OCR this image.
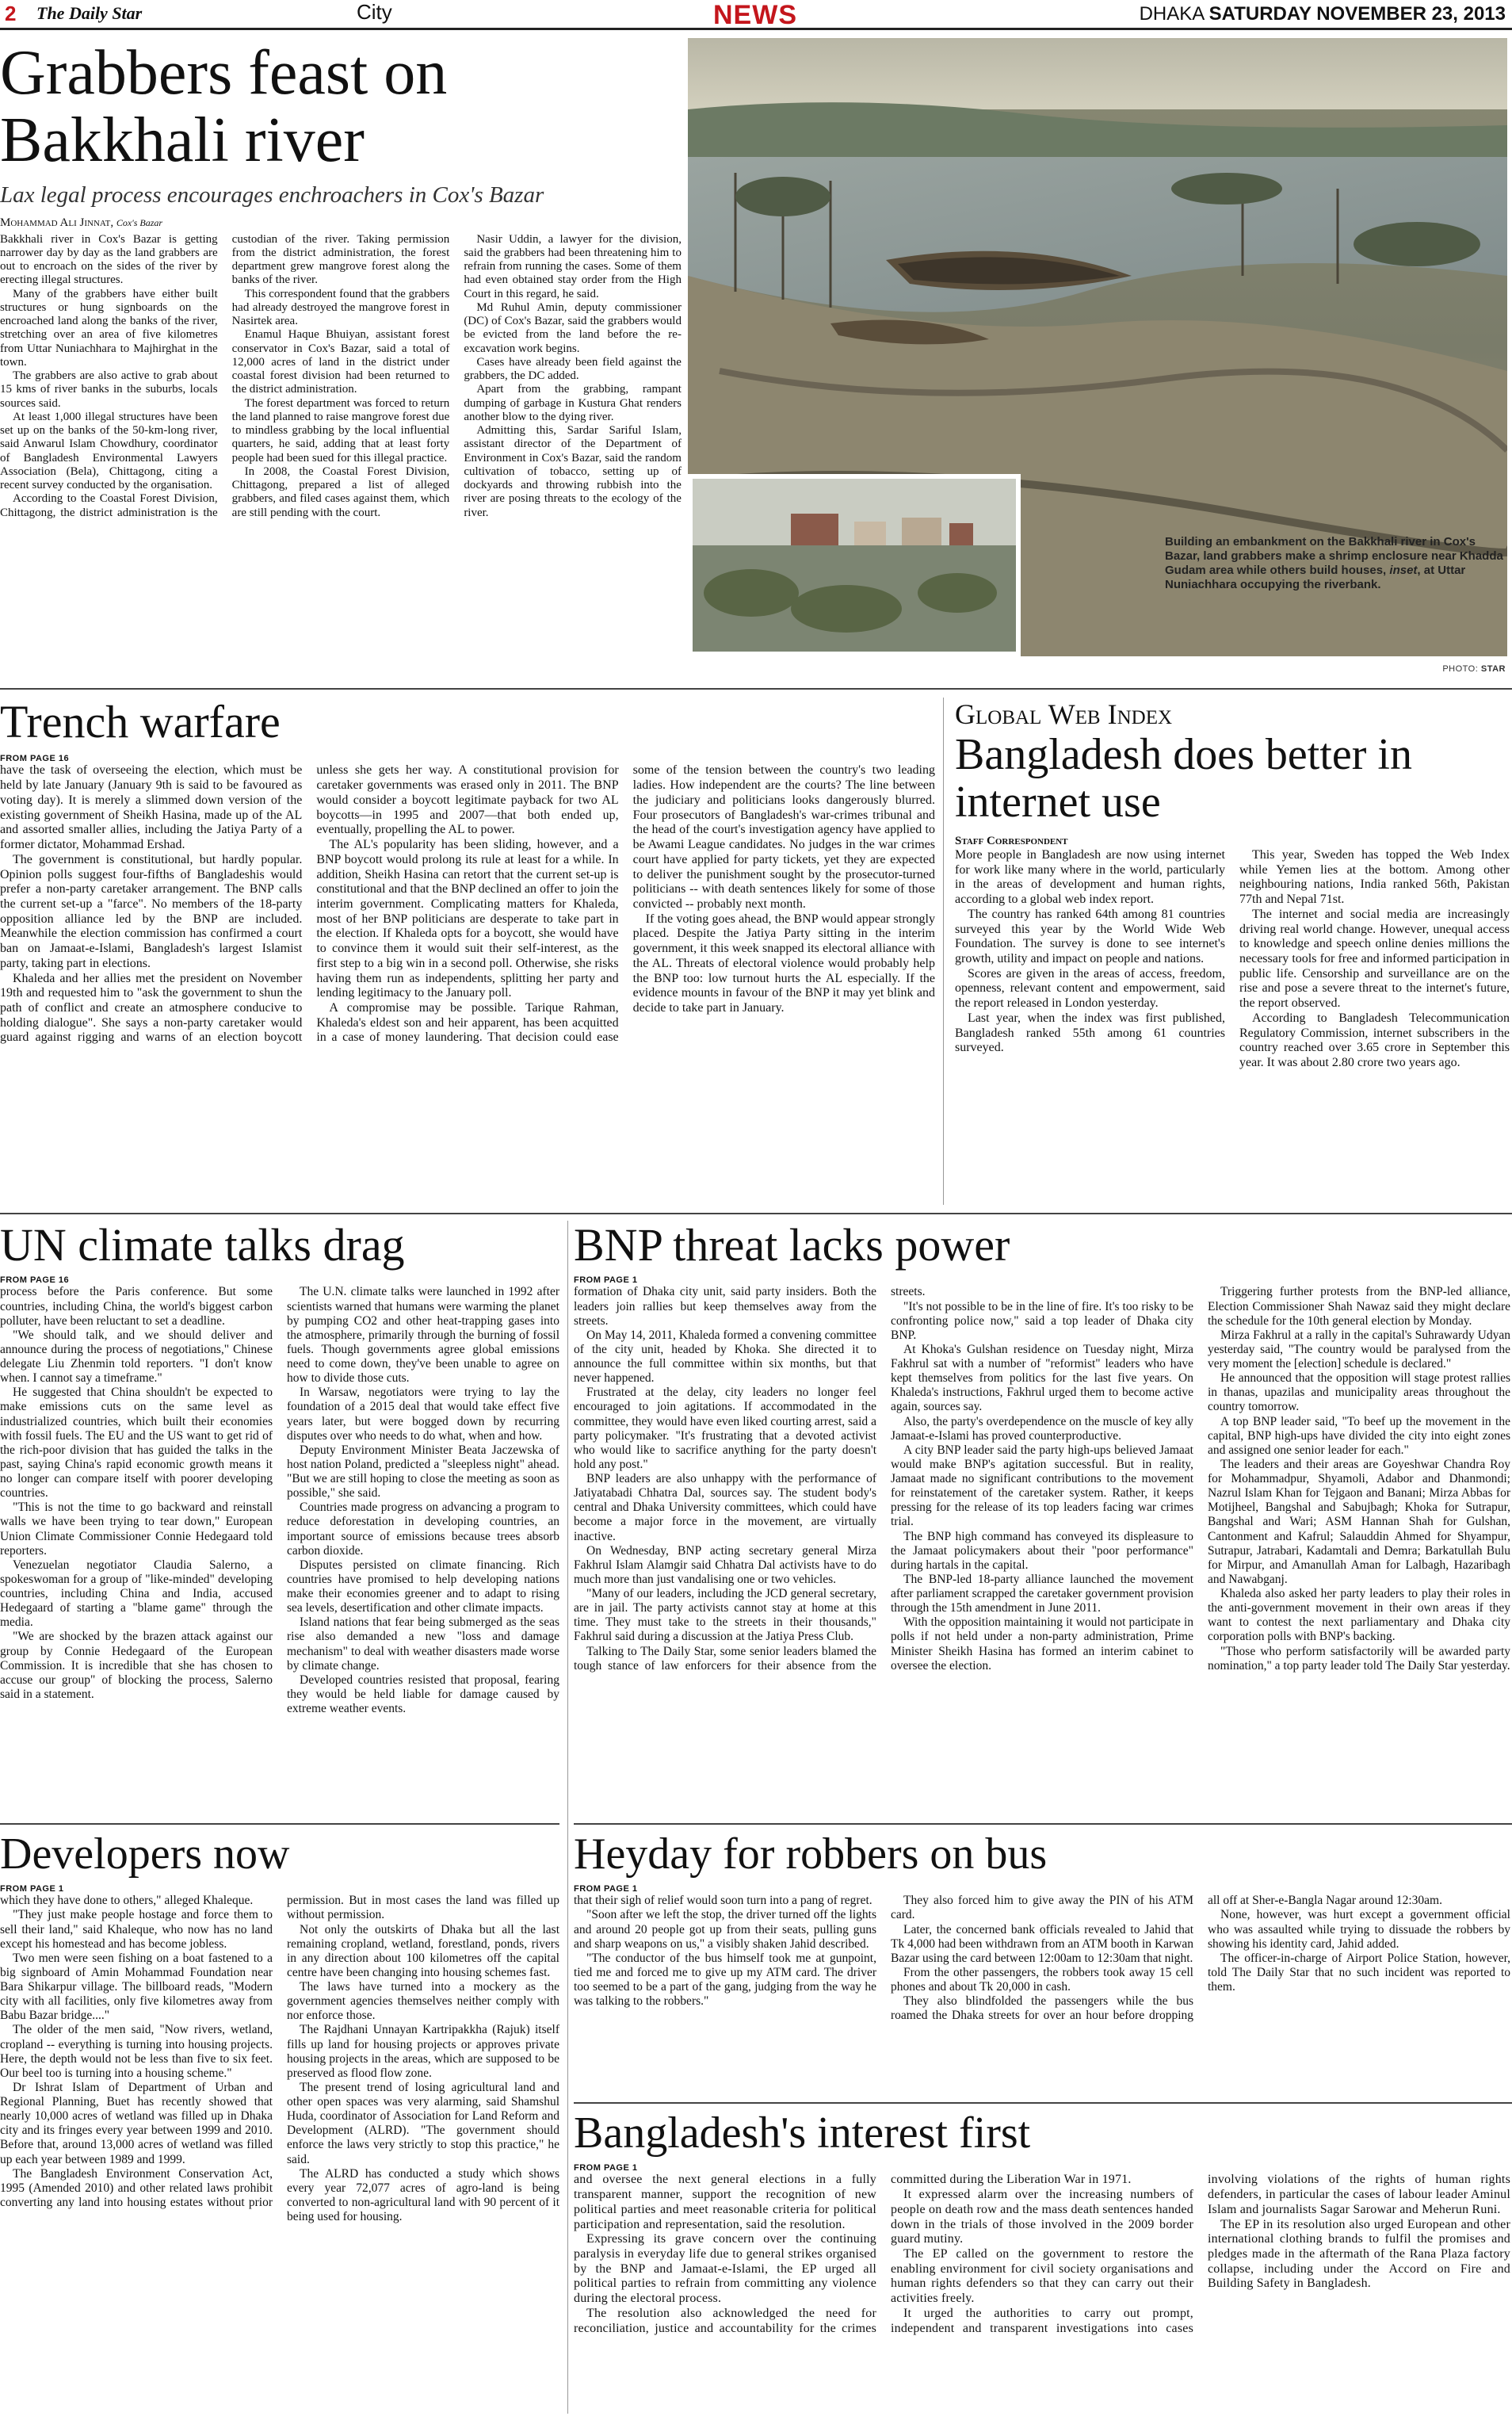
2 The Daily Star	City	NEWS	DHAKA SATURDAY NOVEMBER 23, 2013
Grabbers feast on Bakkhali river
Lax legal process encourages enchroachers in Cox's Bazar
Mohammad Ali Jinnat, Cox's Bazar

Bakkhali river in Cox's Bazar is getting narrower day by day as the land grabbers are out to encroach on the sides of the river by erecting illegal structures.

Many of the grabbers have either built structures or hung signboards on the encroached land along the banks of the river, stretching over an area of five kilometres from Uttar Nuniachhara to Majhirghat in the town.

The grabbers are also active to grab about 15 kms of river banks in the suburbs, locals sources said.

At least 1,000 illegal structures have been set up on the banks of the 50-km-long river, said Anwarul Islam Chowdhury, coordinator of Bangladesh Environmental Lawyers Association (Bela), Chittagong, citing a recent survey conducted by the organisation.

According to the Coastal Forest Division, Chittagong, the district administration is the custodian of the river. Taking permission from the district administration, the forest department grew mangrove forest along the banks of the river.

This correspondent found that the grabbers had already destroyed the mangrove forest in Nasirtek area.

Enamul Haque Bhuiyan, assistant forest conservator in Cox's Bazar, said a total of 12,000 acres of land in the district under coastal forest division had been returned to the district administration.

The forest department was forced to return the land planned to raise mangrove forest due to mindless grabbing by the local influential quarters, he said, adding that at least forty people had been sued for this illegal practice.

In 2008, the Coastal Forest Division, Chittagong, prepared a list of alleged grabbers, and filed cases against them, which are still pending with the court.

Nasir Uddin, a lawyer for the division, said the grabbers had been threatening him to refrain from running the cases. Some of them had even obtained stay order from the High Court in this regard, he said.

Md Ruhul Amin, deputy commissioner (DC) of Cox's Bazar, said the grabbers would be evicted from the land before the re-excavation work begins.

Cases have already been field against the grabbers, the DC added.

Apart from the grabbing, rampant dumping of garbage in Kustura Ghat renders another blow to the dying river.

Admitting this, Sardar Sariful Islam, assistant director of the Department of Environment in Cox's Bazar, said the random cultivation of tobacco, setting up of dockyards and throwing rubbish into the river are posing threats to the ecology of the river.

Building an embankment on the Bakkhali river in Cox's Bazar, land grabbers make a shrimp enclosure near Khadda Gudam area while others build houses, inset, at Uttar Nuniachhara occupying the riverbank.
PHOTO: STAR
Trench warfare
FROM PAGE 16

have the task of overseeing the election, which must be held by late January (January 9th is said to be favoured as voting day). It is merely a slimmed down version of the existing government of Sheikh Hasina, made up of the AL and assorted smaller allies, including the Jatiya Party of a former dictator, Mohammad Ershad.

The government is constitutional, but hardly popular. Opinion polls suggest four-fifths of Bangladeshis would prefer a non-party caretaker arrangement. The BNP calls the current set-up a "farce". No members of the 18-party opposition alliance led by the BNP are included. Meanwhile the election commission has confirmed a court ban on Jamaat-e-Islami, Bangladesh's largest Islamist party, taking part in elections.

Khaleda and her allies met the president on November 19th and requested him to "ask the government to shun the path of conflict and create an atmosphere conducive to holding dialogue". She says a non-party caretaker would guard against rigging and warns of an election boycott unless she gets her way. A constitutional provision for caretaker governments was erased only in 2011. The BNP would consider a boycott legitimate payback for two AL boycotts—in 1995 and 2007—that both ended up, eventually, propelling the AL to power.

The AL's popularity has been sliding, however, and a BNP boycott would prolong its rule at least for a while. In addition, Sheikh Hasina can retort that the current set-up is constitutional and that the BNP declined an offer to join the interim government. Complicating matters for Khaleda, most of her BNP politicians are desperate to take part in the election. If Khaleda opts for a boycott, she would have to convince them it would suit their self-interest, as the first step to a big win in a second poll. Otherwise, she risks having them run as independents, splitting her party and lending legitimacy to the January poll.

A compromise may be possible. Tarique Rahman, Khaleda's eldest son and heir apparent, has been acquitted in a case of money laundering. That decision could ease some of the tension between the country's two leading ladies. How independent are the courts? The line between the judiciary and politicians looks dangerously blurred. Four prosecutors of Bangladesh's war-crimes tribunal and the head of the court's investigation agency have applied to be Awami League candidates. No judges in the war crimes court have applied for party tickets, yet they are expected to deliver the punishment sought by the prosecutor-turned politicians -- with death sentences likely for some of those convicted -- probably next month.

If the voting goes ahead, the BNP would appear strongly placed. Despite the Jatiya Party sitting in the interim government, it this week snapped its electoral alliance with the AL. Threats of electoral violence would probably help the BNP too: low turnout hurts the AL especially. If the evidence mounts in favour of the BNP it may yet blink and decide to take part in January.

Global Web Index
Bangladesh does better in internet use
Staff Correspondent

More people in Bangladesh are now using internet for work like many where in the world, particularly in the areas of development and human rights, according to a global web index report.

The country has ranked 64th among 81 countries surveyed this year by the World Wide Web Foundation. The survey is done to see internet's growth, utility and impact on people and nations.

Scores are given in the areas of access, freedom, openness, relevant content and empowerment, said the report released in London yesterday.

Last year, when the index was first published, Bangladesh ranked 55th among 61 countries surveyed.

This year, Sweden has topped the Web Index while Yemen lies at the bottom. Among other neighbouring nations, India ranked 56th, Pakistan 77th and Nepal 71st.

The internet and social media are increasingly driving real world change. However, unequal access to knowledge and speech online denies millions the necessary tools for free and informed participation in public life. Censorship and surveillance are on the rise and pose a severe threat to the internet's future, the report observed.

According to Bangladesh Telecommunication Regulatory Commission, internet subscribers in the country reached over 3.65 crore in September this year. It was about 2.80 crore two years ago.

UN climate talks drag
FROM PAGE 16

process before the Paris conference. But some countries, including China, the world's biggest carbon polluter, have been reluctant to set a deadline.

"We should talk, and we should deliver and announce during the process of negotiations," Chinese delegate Liu Zhenmin told reporters. "I don't know when. I cannot say a timeframe."

He suggested that China shouldn't be expected to make emissions cuts on the same level as industrialized countries, which built their economies with fossil fuels. The EU and the US want to get rid of the rich-poor division that has guided the talks in the past, saying China's rapid economic growth means it no longer can compare itself with poorer developing countries.

"This is not the time to go backward and reinstall walls we have been trying to tear down," European Union Climate Commissioner Connie Hedegaard told reporters.

Venezuelan negotiator Claudia Salerno, a spokeswoman for a group of "like-minded" developing countries, including China and India, accused Hedegaard of starting a "blame game" through the media.

"We are shocked by the brazen attack against our group by Connie Hedegaard of the European Commission. It is incredible that she has chosen to accuse our group" of blocking the process, Salerno said in a statement.

The U.N. climate talks were launched in 1992 after scientists warned that humans were warming the planet by pumping CO2 and other heat-trapping gases into the atmosphere, primarily through the burning of fossil fuels. Though governments agree global emissions need to come down, they've been unable to agree on how to divide those cuts.

In Warsaw, negotiators were trying to lay the foundation of a 2015 deal that would take effect five years later, but were bogged down by recurring disputes over who needs to do what, when and how.

Deputy Environment Minister Beata Jaczewska of host nation Poland, predicted a "sleepless night" ahead. "But we are still hoping to close the meeting as soon as possible," she said.

Countries made progress on advancing a program to reduce deforestation in developing countries, an important source of emissions because trees absorb carbon dioxide.

Disputes persisted on climate financing. Rich countries have promised to help developing nations make their economies greener and to adapt to rising sea levels, desertification and other climate impacts.

Island nations that fear being submerged as the seas rise also demanded a new "loss and damage mechanism" to deal with weather disasters made worse by climate change.

Developed countries resisted that proposal, fearing they would be held liable for damage caused by extreme weather events.

BNP threat lacks power
FROM PAGE 1

formation of Dhaka city unit, said party insiders. Both the leaders join rallies but keep themselves away from the streets.

On May 14, 2011, Khaleda formed a convening committee of the city unit, headed by Khoka. She directed it to announce the full committee within six months, but that never happened.

Frustrated at the delay, city leaders no longer feel encouraged to join agitations. If accommodated in the committee, they would have even liked courting arrest, said a party policymaker. "It's frustrating that a devoted activist who would like to sacrifice anything for the party doesn't hold any post."

BNP leaders are also unhappy with the performance of Jatiyatabadi Chhatra Dal, sources say. The student body's central and Dhaka University committees, which could have become a major force in the movement, are virtually inactive.

On Wednesday, BNP acting secretary general Mirza Fakhrul Islam Alamgir said Chhatra Dal activists have to do much more than just vandalising one or two vehicles.

"Many of our leaders, including the JCD general secretary, are in jail. The party activists cannot stay at home at this time. They must take to the streets in their thousands," Fakhrul said during a discussion at the Jatiya Press Club.

Talking to The Daily Star, some senior leaders blamed the tough stance of law enforcers for their absence from the streets.

"It's not possible to be in the line of fire. It's too risky to be confronting police now," said a top leader of Dhaka city BNP.

At Khoka's Gulshan residence on Tuesday night, Mirza Fakhrul sat with a number of "reformist" leaders who have kept themselves from politics for the last five years. On Khaleda's instructions, Fakhrul urged them to become active again, sources say.

Also, the party's overdependence on the muscle of key ally Jamaat-e-Islami has proved counterproductive.

A city BNP leader said the party high-ups believed Jamaat would make BNP's agitation successful. But in reality, Jamaat made no significant contributions to the movement for reinstatement of the caretaker system. Rather, it keeps pressing for the release of its top leaders facing war crimes trial.

The BNP high command has conveyed its displeasure to the Jamaat policymakers about their "poor performance" during hartals in the capital.

The BNP-led 18-party alliance launched the movement after parliament scrapped the caretaker government provision through the 15th amendment in June 2011.

With the opposition maintaining it would not participate in polls if not held under a non-party administration, Prime Minister Sheikh Hasina has formed an interim cabinet to oversee the election.

Triggering further protests from the BNP-led alliance, Election Commissioner Shah Nawaz said they might declare the schedule for the 10th general election by Monday.

Mirza Fakhrul at a rally in the capital's Suhrawardy Udyan yesterday said, "The country would be paralysed from the very moment the [election] schedule is declared."

He announced that the opposition will stage protest rallies in thanas, upazilas and municipality areas throughout the country tomorrow.

A top BNP leader said, "To beef up the movement in the capital, BNP high-ups have divided the city into eight zones and assigned one senior leader for each."

The leaders and their areas are Goyeshwar Chandra Roy for Mohammadpur, Shyamoli, Adabor and Dhanmondi; Nazrul Islam Khan for Tejgaon and Banani; Mirza Abbas for Motijheel, Bangshal and Sabujbagh; Khoka for Sutrapur, Bangshal and Wari; ASM Hannan Shah for Gulshan, Cantonment and Kafrul; Salauddin Ahmed for Shyampur, Sutrapur, Jatrabari, Kadamtali and Demra; Barkatullah Bulu for Mirpur, and Amanullah Aman for Lalbagh, Hazaribagh and Nawabganj.

Khaleda also asked her party leaders to play their roles in the anti-government movement in their own areas if they want to contest the next parliamentary and Dhaka city corporation polls with BNP's backing.

"Those who perform satisfactorily will be awarded party nomination," a top party leader told The Daily Star yesterday.

Developers now
FROM PAGE 1

which they have done to others," alleged Khaleque.

"They just make people hostage and force them to sell their land," said Khaleque, who now has no land except his homestead and has become jobless.

Two men were seen fishing on a boat fastened to a big signboard of Amin Mohammad Foundation near Bara Shikarpur village. The billboard reads, "Modern city with all facilities, only five kilometres away from Babu Bazar bridge...."

The older of the men said, "Now rivers, wetland, cropland -- everything is turning into housing projects. Here, the depth would not be less than five to six feet. Our beel too is turning into a housing scheme."

Dr Ishrat Islam of Department of Urban and Regional Planning, Buet has recently showed that nearly 10,000 acres of wetland was filled up in Dhaka city and its fringes every year between 1999 and 2010. Before that, around 13,000 acres of wetland was filled up each year between 1989 and 1999.

The Bangladesh Environment Conservation Act, 1995 (Amended 2010) and other related laws prohibit converting any land into housing estates without prior permission. But in most cases the land was filled up without permission.

Not only the outskirts of Dhaka but all the last remaining cropland, wetland, forestland, ponds, rivers in any direction about 100 kilometres off the capital centre have been changing into housing schemes fast.

The laws have turned into a mockery as the government agencies themselves neither comply with nor enforce those.

The Rajdhani Unnayan Kartripakkha (Rajuk) itself fills up land for housing projects or approves private housing projects in the areas, which are supposed to be preserved as flood flow zone.

The present trend of losing agricultural land and other open spaces was very alarming, said Shamshul Huda, coordinator of Association for Land Reform and Development (ALRD). "The government should enforce the laws very strictly to stop this practice," he said.

The ALRD has conducted a study which shows every year 72,077 acres of agro-land is being converted to non-agricultural land with 90 percent of it being used for housing.

Heyday for robbers on bus
FROM PAGE 1

that their sigh of relief would soon turn into a pang of regret.

"Soon after we left the stop, the driver turned off the lights and around 20 people got up from their seats, pulling guns and sharp weapons on us," a visibly shaken Jahid described.

"The conductor of the bus himself took me at gunpoint, tied me and forced me to give up my ATM card. The driver too seemed to be a part of the gang, judging from the way he was talking to the robbers."

They also forced him to give away the PIN of his ATM card.

Later, the concerned bank officials revealed to Jahid that Tk 4,000 had been withdrawn from an ATM booth in Karwan Bazar using the card between 12:00am to 12:30am that night.

From the other passengers, the robbers took away 15 cell phones and about Tk 20,000 in cash.

They also blindfolded the passengers while the bus roamed the Dhaka streets for over an hour before dropping all off at Sher-e-Bangla Nagar around 12:30am.

None, however, was hurt except a government official who was assaulted while trying to dissuade the robbers by showing his identity card, Jahid added.

The officer-in-charge of Airport Police Station, however, told The Daily Star that no such incident was reported to them.

Bangladesh's interest first
FROM PAGE 1

and oversee the next general elections in a fully transparent manner, support the recognition of new political parties and meet reasonable criteria for political participation and representation, said the resolution.

Expressing its grave concern over the continuing paralysis in everyday life due to general strikes organised by the BNP and Jamaat-e-Islami, the EP urged all political parties to refrain from committing any violence during the electoral process.

The resolution also acknowledged the need for reconciliation, justice and accountability for the crimes committed during the Liberation War in 1971.

It expressed alarm over the increasing numbers of people on death row and the mass death sentences handed down in the trials of those involved in the 2009 border guard mutiny.

The EP called on the government to restore the enabling environment for civil society organisations and human rights defenders so that they can carry out their activities freely.

It urged the authorities to carry out prompt, independent and transparent investigations into cases involving violations of the rights of human rights defenders, in particular the cases of labour leader Aminul Islam and journalists Sagar Sarowar and Meherun Runi.

The EP in its resolution also urged European and other international clothing brands to fulfil the promises and pledges made in the aftermath of the Rana Plaza factory collapse, including under the Accord on Fire and Building Safety in Bangladesh.
